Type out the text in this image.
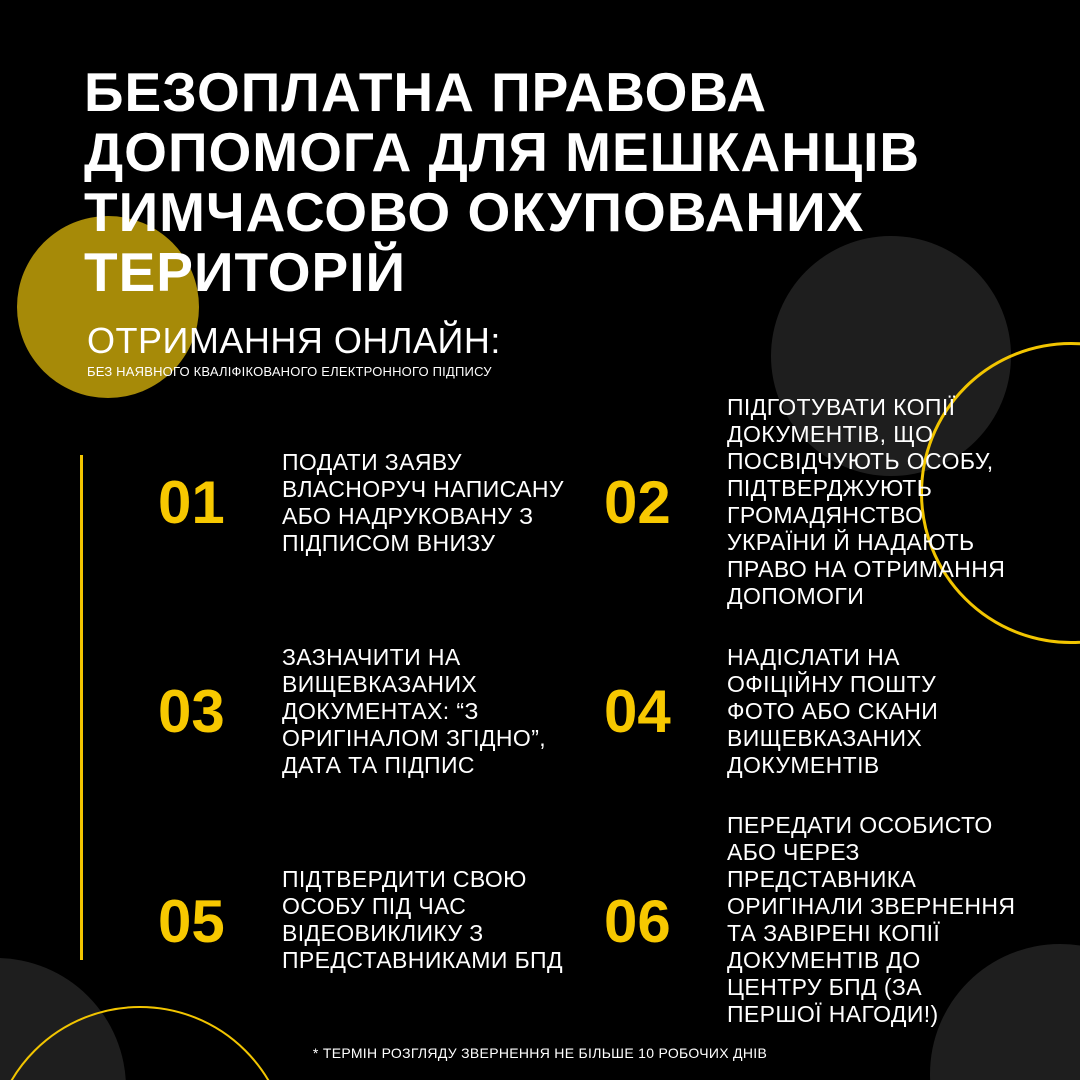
БЕЗОПЛАТНА ПРАВОВА
ДОПОМОГА ДЛЯ МЕШКАНЦІВ
ТИМЧАСОВО ОКУПОВАНИХ
ТЕРИТОРІЙ
ОТРИМАННЯ ОНЛАЙН:
БЕЗ НАЯВНОГО КВАЛІФІКОВАНОГО ЕЛЕКТРОННОГО ПІДПИСУ
01
ПОДАТИ ЗАЯВУ
ВЛАСНОРУЧ НАПИСАНУ
АБО НАДРУКОВАНУ З
ПІДПИСОМ ВНИЗУ
02
ПІДГОТУВАТИ КОПІЇ
ДОКУМЕНТІВ, ЩО
ПОСВІДЧУЮТЬ ОСОБУ,
ПІДТВЕРДЖУЮТЬ
ГРОМАДЯНСТВО
УКРАЇНИ Й НАДАЮТЬ
ПРАВО НА ОТРИМАННЯ
ДОПОМОГИ
03
ЗАЗНАЧИТИ НА
ВИЩЕВКАЗАНИХ
ДОКУМЕНТАХ: “З
ОРИГІНАЛОМ ЗГІДНО”,
ДАТА ТА ПІДПИС
04
НАДІСЛАТИ НА
ОФІЦІЙНУ ПОШТУ
ФОТО АБО СКАНИ
ВИЩЕВКАЗАНИХ
ДОКУМЕНТІВ
05
ПІДТВЕРДИТИ СВОЮ
ОСОБУ ПІД ЧАС
ВІДЕОВИКЛИКУ З
ПРЕДСТАВНИКАМИ БПД
06
ПЕРЕДАТИ ОСОБИСТО
АБО ЧЕРЕЗ
ПРЕДСТАВНИКА
ОРИГІНАЛИ ЗВЕРНЕННЯ
ТА ЗАВІРЕНІ КОПІЇ
ДОКУМЕНТІВ ДО
ЦЕНТРУ БПД (ЗА
ПЕРШОЇ НАГОДИ!)
* ТЕРМІН РОЗГЛЯДУ ЗВЕРНЕННЯ НЕ БІЛЬШЕ 10 РОБОЧИХ ДНІВ
